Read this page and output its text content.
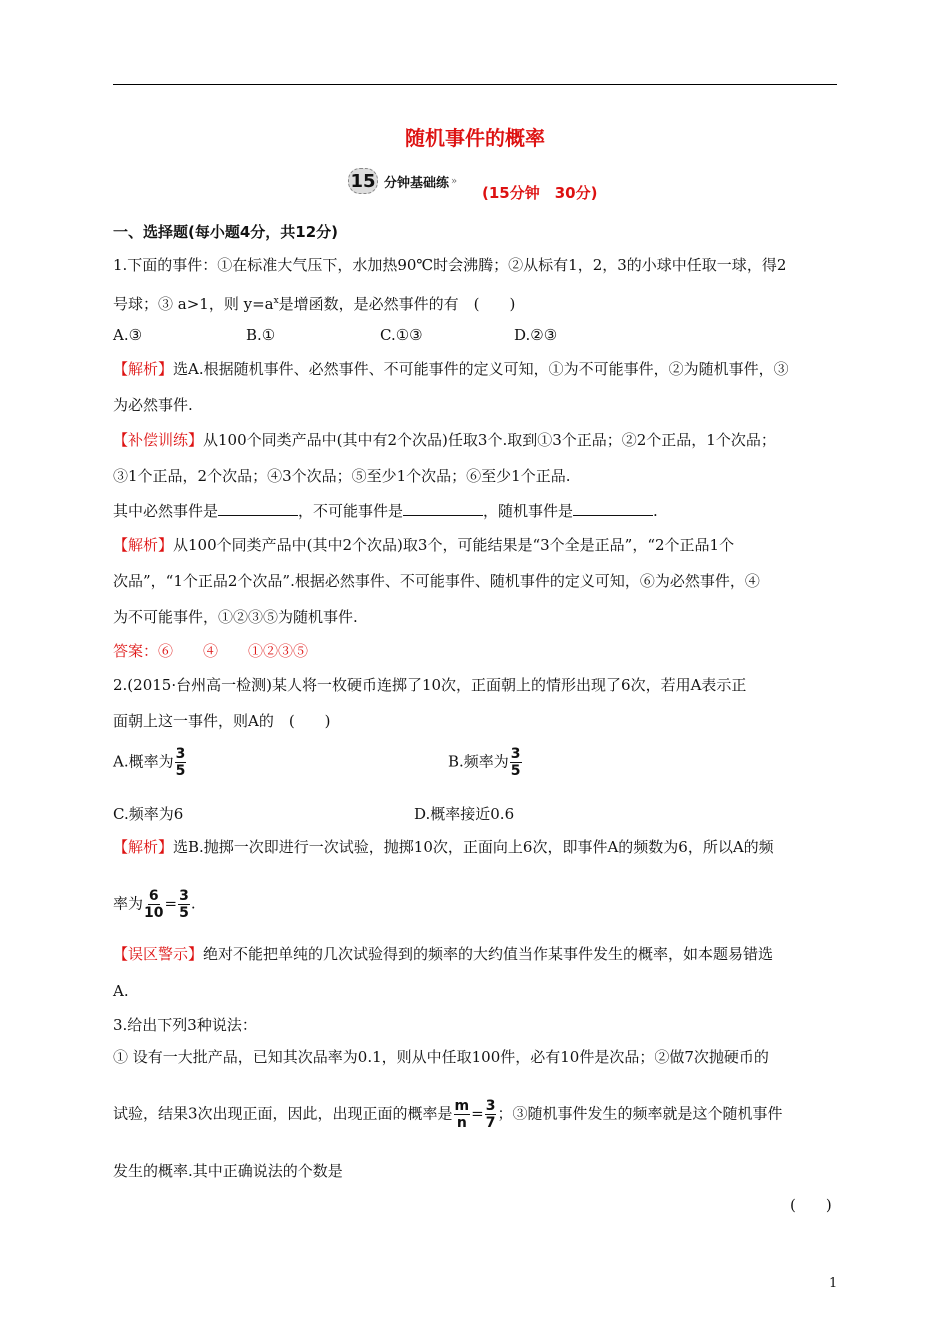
随机事件的概率
15 分钟基础练 »
(15分钟　30分)
一、选择题(每小题4分，共12分)
1.下面的事件：①在标准大气压下，水加热90℃时会沸腾；②从标有1，2，3的小球中任取一球，得2
号球；③ a>1，则 $y=a^x$是增函数，是必然事件的有　(　　)
A.③	B.①	C.①③	D.②③
【解析】选A.根据随机事件、必然事件、不可能事件的定义可知，①为不可能事件，②为随机事件，③
为必然事件.
【补偿训练】从100个同类产品中(其中有2个次品)任取3个.取到①3个正品；②2个正品，1个次品；
③1个正品，2个次品；④3个次品；⑤至少1个次品；⑥至少1个正品.
其中必然事件是	，不可能事件是	，随机事件是	.
【解析】从100个同类产品中(其中2个次品)取3个，可能结果是“3个全是正品”，“2个正品1个
次品”，“1个正品2个次品”.根据必然事件、不可能事件、随机事件的定义可知，⑥为必然事件，④
为不可能事件，①②③⑤为随机事件.
答案：⑥　　④　　①②③⑤
2.(2015·台州高一检测)某人将一枚硬币连掷了10次，正面朝上的情形出现了6次，若用A表示正
面朝上这一事件，则A的　(　　)
A.概率为 $\frac{3}{5}$	B.频率为 $\frac{3}{5}$
C.频率为6	D.概率接近0.6
【解析】选B.抛掷一次即进行一次试验，抛掷10次，正面向上6次，即事件A的频数为6，所以A的频
率为 $\frac{6}{10} = \frac{3}{5}$ .
【误区警示】绝对不能把单纯的几次试验得到的频率的大约值当作某事件发生的概率，如本题易错选
A.
3.给出下列3种说法：
① 设有一大批产品，已知其次品率为0.1，则从中任取100件，必有10件是次品；②做7次抛硬币的
试验，结果3次出现正面，因此，出现正面的概率是 $\frac{m}{n} = \frac{3}{7}$ ；③随机事件发生的频率就是这个随机事件
发生的概率.其中正确说法的个数是
(　　)
1
